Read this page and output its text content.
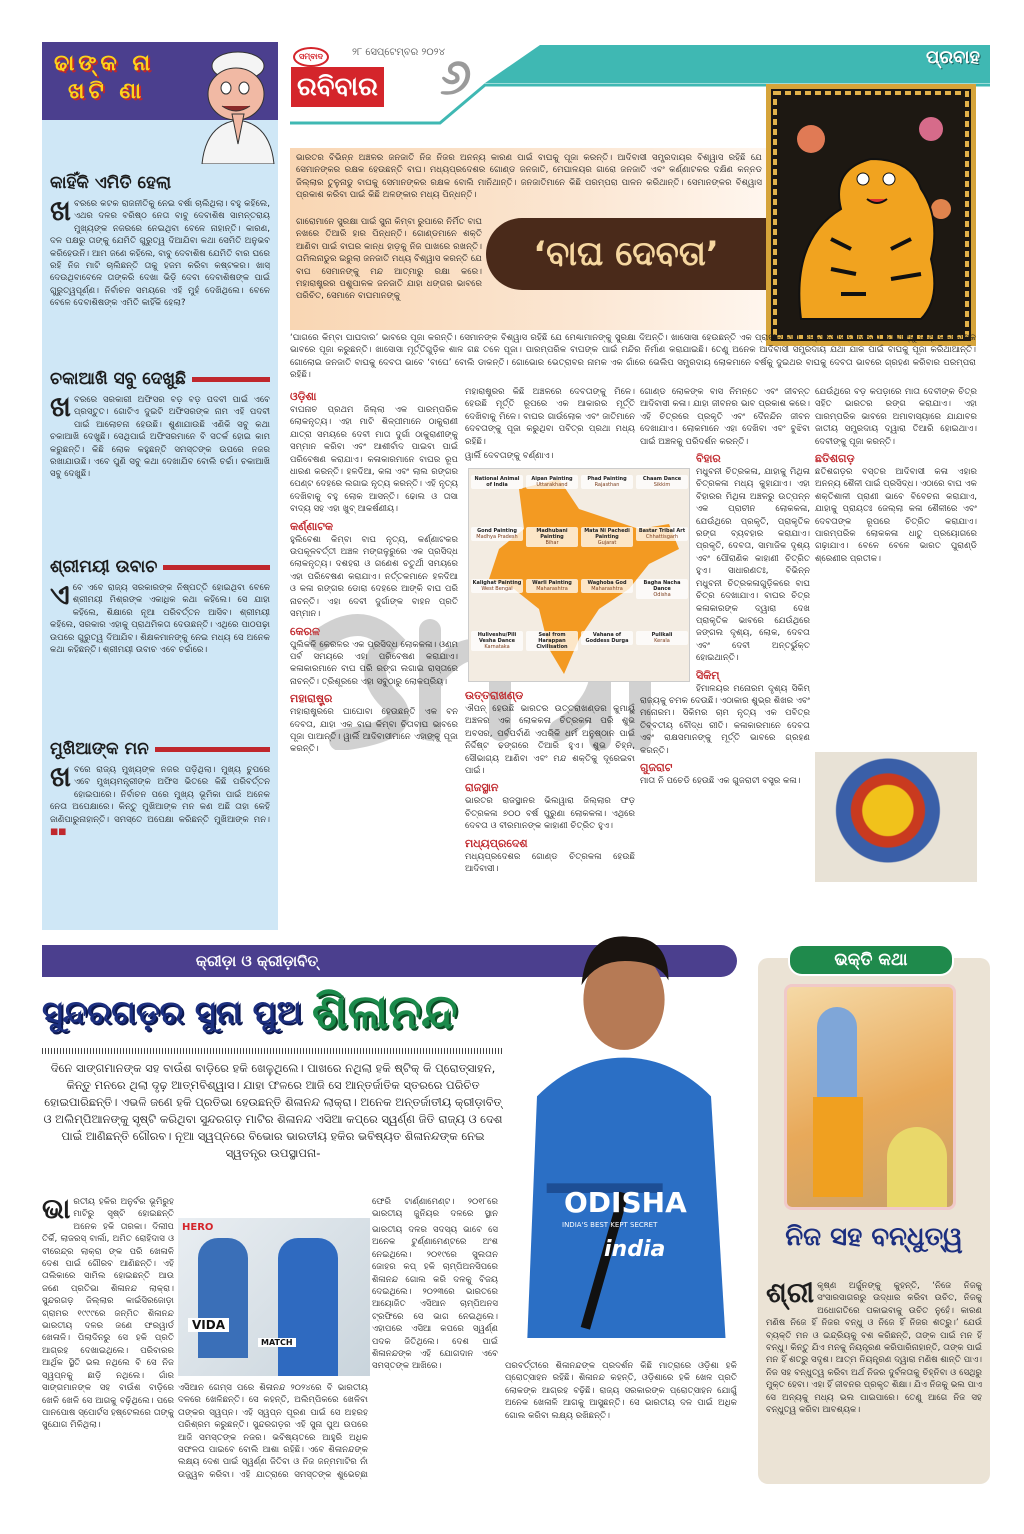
ଢାଙ୍କ ନା
ଖଟି ଣା
କାହିଁକି ଏମିତି ହେଲା
ଖବରରେ କଟକ ରାଜନୀତିକୁ ନେଇ ବର୍ଷା ଚାଲିଥିଲା। ବହୁ କହିଲେ, ଏଥର ଦଳର ବରିଷ୍ଠ ନେତା ବାବୁ ଦେବାଶିଷ ସାମନ୍ତରାୟ ମୁଖ୍ୟଙ୍କ ନଜରରେ ନେଇଥିବା ବେଳେ ନାହାନ୍ତି। କାରଣ, ଦଳ ପକ୍ଷରୁ ତାଙ୍କୁ ଯେମିତି ଗୁରୁତ୍ୱ ଦିଆଯିବା କଥା ସେମିତି ଅନୁଭବ କରିହେଉନି। ଆମ ଜଣେ କହିଲେ, ବାବୁ ଦେବାଶିଷ ଯେମିତି ବାର ଘରେ ରହି ନିଜ ମାଟି ଚାଲିଛନ୍ତି ତାକୁ ହଜମ କରିବା କଷ୍ଟକର। ଖାସ୍ ଦେଉଥିବାବେଳେ ତାଙ୍କରି ଦେଖା ଭିଡ଼ି ଦେବା ଦେବାଶିଷଙ୍କ ପାଇଁ ଗୁରୁତ୍ୱପୂର୍ଣ୍ଣ। ନିର୍ବାଚନ ସମୟରେ ଏହି ମୁହଁ ଦେଖିଥିଲେ। ବେଳେ ବେଳେ ଦେବାଶିଷଙ୍କ ଏମିତି କାହିଁକି ହେଲା?
ଚକାଆଖି ସବୁ ଦେଖୁଛି
ଖବରରେ ସରକାରୀ ଅଫିସର ବଡ଼ ବଡ଼ ପଦବୀ ପାଇଁ ଏବେ ପ୍ରସ୍ତୁତ। ଗୋଟିଏ ଦୁଇଟି ଅଫିସରଙ୍କ ନାମ ଏହି ପଦବୀ ପାଇଁ ଆଲୋଚନା ହେଉଛି। ଶୁଣାଯାଉଛି ଏଣିକି ସବୁ କଥା ଚକାଆଖି ଦେଖୁଛି। ସେଥିପାଇଁ ଅଫିସରମାନେ ବି ସତର୍କ ହୋଇ କାମ କରୁଛନ୍ତି। କିଛି ଲୋକ କହୁଛନ୍ତି ସମସ୍ତଙ୍କ ଉପରେ ନଜର ରଖାଯାଉଛି। ଏବେ ପୁଣି ସବୁ କଥା ଦେଖାଯିବ ବୋଲି ଚର୍ଚ୍ଚା। ଚକାଆଖି ସବୁ ଦେଖୁଛି।
ଶ୍ରୀମୟୀ ଉବାଚ
ଏବେ ଏବେ ରାଜ୍ୟ ସରକାରଙ୍କ ନିଷ୍ପତ୍ତି ହୋଇଥିବା ବେଳେ ଶ୍ରୀମୟୀ ମିଶ୍ରଙ୍କ ଏକାଧିକ କଥା କହିଲେ। ସେ ଯାହା କହିଲେ, ଶିକ୍ଷାରେ ନୂଆ ପରିବର୍ତ୍ତନ ଆସିବ। ଶ୍ରୀମୟୀ କହିଲେ, ସରକାର ଏହାକୁ ପ୍ରାଥମିକତା ଦେଉଛନ୍ତି। ଏଥିରେ ପାଠପଢ଼ା ଉପରେ ଗୁରୁତ୍ୱ ଦିଆଯିବ। ଶିକ୍ଷକମାନଙ୍କୁ ନେଇ ମଧ୍ୟ ସେ ଅନେକ କଥା କହିଛନ୍ତି। ଶ୍ରୀମୟୀ ଉବାଚ ଏବେ ଚର୍ଚ୍ଚାରେ।
ମୁଖିଆଙ୍କ ମନ
ଖବରେ ରାଜ୍ୟ ମୁଖ୍ୟଙ୍କ ନଜର ପଡ଼ିଥିଲା। ମୁଖ୍ୟ ଚୁପରେ ଏବେ ମୁଖ୍ୟମନ୍ତ୍ରୀଙ୍କ ଅଫିସ ଭିତରେ କିଛି ପରିବର୍ତ୍ତନ ହୋଇପାରେ। ନିର୍ବାଚନ ପରେ ମୁଖ୍ୟ ଭୂମିକା ପାଇଁ ଅନେକ ନେତା ଅପେକ୍ଷାରେ। କିନ୍ତୁ ମୁଖିଆଙ୍କ ମନ କଣ ଅଛି ତାହା କେହି ଜାଣିପାରୁନାହାନ୍ତି। ସମସ୍ତେ ଅପେକ୍ଷା କରିଛନ୍ତି ମୁଖିଆଙ୍କ ମନ। ■■
ସମ୍ବାଦ
ରବିବାର
୨୮ ସେପ୍ଟେମ୍ବର ୨୦୨୪
୬	ପ୍ରବାହ
ଭାରତର ବିଭିନ୍ନ ଅଞ୍ଚଳର ଜନଜାତି ନିଜ ନିଜର ଅନନ୍ୟ କାରଣ ପାଇଁ ବାଘକୁ ପୂଜା କରନ୍ତି। ଆଦିବାସୀ ସମ୍ପ୍ରଦାୟର ବିଶ୍ୱାସ ରହିଛି ଯେ ସେମାନଙ୍କର ରକ୍ଷକ ହେଉଛନ୍ତି ବାଘ। ମଧ୍ୟପ୍ରଦେଶର ଗୋଣ୍ଡ ଜନଜାତି, ମେଘାଳୟର ଗାରୋ ଜନଜାତି ଏବଂ କର୍ଣ୍ଣାଟକର ଦକ୍ଷିଣ କନ୍ନଡ ଜିଲ୍ଲାର ତୁଳୁନାଡୁ ବାଘକୁ ସେମାନଙ୍କର ରକ୍ଷକ ବୋଲି ମାନିଥାନ୍ତି। ଜନଜାତିମାନେ କିଛି ପରମ୍ପରା ପାଳନ କରିଥାନ୍ତି। ସେମାନଙ୍କର ବିଶ୍ୱାସ ପ୍ରକାଶ କରିବା ପାଇଁ କିଛି ଅଳଙ୍କାର ମଧ୍ୟ ପିନ୍ଧନ୍ତି।
ଗାରୋମାନେ ସୁରକ୍ଷା ପାଇଁ ସୁନା କିମ୍ବା ରୁପାରେ ନିର୍ମିତ ବାଘ ନଖରେ ତିଆରି ହାର ପିନ୍ଧନ୍ତି। ଗୋଣ୍ଡମାନେ ଶକ୍ତି ଆଣିବା ପାଇଁ ବାଘର କାନ୍ଧ ହାଡ଼କୁ ନିଜ ପାଖରେ ରଖନ୍ତି। ତାମିଲନାଡୁର ଇରୁଲା ଜନଜାତି ମଧ୍ୟ ବିଶ୍ୱାସ କରନ୍ତି ଯେ ବାଘ ସେମାନଙ୍କୁ ମନ୍ଦ ଆତ୍ମାରୁ ରକ୍ଷା କରେ। ମହାରାଷ୍ଟ୍ରର ପଶୁପାଳକ ଜନଜାତି ଯାହା ଧଙ୍ଗର ଭାବରେ ପରିଚିତ, ସେମାନେ ବାଘମାନଙ୍କୁ
‘ବାଘ ଦେବତା’
‘ଘାଗରେ କିମ୍ବା ଘାଘଦାର’ ଭାବରେ ପୂଜା କରନ୍ତି। ସେମାନଙ୍କ ବିଶ୍ୱାସ ରହିଛି ଯେ ମେଣ୍ଢାମାନଙ୍କୁ ସୁରକ୍ଷା ଦିଅନ୍ତି। ଖାସୋସା ହେଉଛନ୍ତି ଏକ ପ୍ରାଚୀନ ବାଘ କିମ୍ବା ଚିତାବାଘ ଦେବତା, ଯାହାଙ୍କୁ ଜଙ୍ଗଲର ରକ୍ଷକ ଭାବରେ ପୂଜା କରୁଛନ୍ତି। ଖାସୋସା ମୂର୍ତ୍ତିଗୁଡ଼ିକ ଶାଳ ଗଛ ତଳେ ପୂଜା। ପାରମ୍ପରିକ ବାଘଙ୍କ ପାଇଁ ମନ୍ଦିର ନିର୍ମାଣ କରାଯାଇଛି। ତେଣୁ ଅନେକ ଆଦିବାସୀ ସମ୍ପ୍ରଦାୟ ଯଥା ଯାକ ପାଇଁ ବାଘକୁ ପୂଜା କରିଥାଆନ୍ତି। ଗୋଲୋଇ ଜନଜାତି ବାଘକୁ ଦେବତା ଭାବେ ‘ବାଘେ’ ବୋଲି ଡାକନ୍ତି। ଗୋଭୋର ଭେତ୍ରାବର ନାମକ ଏକ ଗାଁରେ ଭେଲିପ ସମ୍ପ୍ରଦାୟ ଲୋକମାନେ ବର୍ଷକୁ ଦୁଇଥର ବାଘକୁ ଦେବତା ଭାବରେ ଗ୍ରହଣ କରିବାର ପରମ୍ପରା ରହିଛି।
ଓଡ଼ିଶା

ବାଘନାଚ ପ୍ରଥମ ଜିଲ୍ଲା ଏକ ପାରମ୍ପରିକ ଲୋକନୃତ୍ୟ। ଏହା ମାଟି ଶିଳ୍ପୀମାନେ ଠାକୁରାଣୀ ଯାତ୍ରା ସମୟରେ ଦେବୀ ମାତା ଦୁର୍ଗା ଠାକୁରାଣୀଙ୍କୁ ସମ୍ମାନ କରିବା ଏବଂ ଆଶୀର୍ବାଦ ପାଇବା ପାଇଁ ପରିବେଷଣ କରାଯାଏ। କଳାକାରମାନେ ବାଘର ରୂପ ଧାରଣ କରନ୍ତି। ହଳଦିଆ, କଳା ଏବଂ ଲାଲ ରଙ୍ଗର ପେଣ୍ଟ ଦେହରେ ଲଗାଇ ନୃତ୍ୟ କରନ୍ତି। ଏହି ନୃତ୍ୟ ଦେଖିବାକୁ ବହୁ ଲୋକ ଆସନ୍ତି। ଢୋଲ ଓ ତାସା ବାଦ୍ୟ ସହ ଏହା ଖୁବ୍ ଆକର୍ଷଣୀୟ।

କର୍ଣ୍ଣାଟକ

ହୁଲିବେଶା କିମ୍ବା ବାଘ ନୃତ୍ୟ, କର୍ଣ୍ଣାଟକର ଉପକୂଳବର୍ତ୍ତୀ ଅଞ୍ଚଳ ମଙ୍ଗଳୁରୁରେ ଏକ ପ୍ରସିଦ୍ଧ ଲୋକନୃତ୍ୟ। ଦଶହରା ଓ ଗଣେଶ ଚତୁର୍ଥୀ ସମୟରେ ଏହା ପରିବେଷଣ କରାଯାଏ। ନର୍ତ୍ତକମାନେ ହଳଦିଆ ଓ କଳା ରଙ୍ଗର ଡୋରା ଦେହରେ ଆଙ୍କି ବାଘ ପରି ନାଚନ୍ତି। ଏହା ଦେବୀ ଦୁର୍ଗାଙ୍କ ବାହନ ପ୍ରତି ସମ୍ମାନ।

କେରଳ

ପୁଲିକଳି କେରଳର ଏକ ପ୍ରସିଦ୍ଧ ଲୋକକଳା। ଓଣମ ପର୍ବ ସମୟରେ ଏହା ପରିବେଷଣ କରାଯାଏ। କଳାକାରମାନେ ବାଘ ପରି ରଙ୍ଗ ଲଗାଇ ରାସ୍ତାରେ ନାଚନ୍ତି। ତ୍ରିଶୂରରେ ଏହା ସବୁଠାରୁ ଲୋକପ୍ରିୟ।

ମହାରାଷ୍ଟ୍ର

ମହାରାଷ୍ଟ୍ରରେ ଘାଘୋବା ହେଉଛନ୍ତି ଏକ ବନ ଦେବତା, ଯାହା ଏକ ବାଘ କିମ୍ବା ଚିତାବାଘ ଭାବରେ ପୂଜା ପାଆନ୍ତି। ୱାର୍ଲି ଆଦିବାସୀମାନେ ଏହାଙ୍କୁ ପୂଜା କରନ୍ତି।

ମହାରାଷ୍ଟ୍ରର କିଛି ଅଞ୍ଚଳରେ ଦେବତାଙ୍କୁ ମିଳେ। ହେଉଛି ମୂର୍ତ୍ତି ରୂପରେ ଏକ ଆକାରର ମୂର୍ତ୍ତି ଦେଖିବାକୁ ମିଳେ। ବାଘର ଗାଉଁଲୋକ ଏବଂ ଜାତିମାନେ ଦେବତାଙ୍କୁ ପୂଜା କରୁଥିବା ପବିତ୍ର ପ୍ରଥା ମଧ୍ୟ ରହିଛି।

ୱାର୍ଲି ଦେବତାଙ୍କୁ ବର୍ଣ୍ଣାଏ।

ଉତ୍ତରାଖଣ୍ଡ

ଐପନ୍ ହେଉଛି ଭାରତର ଉତ୍ତରାଖଣ୍ଡର କୁମାୟୁଁ ଅଞ୍ଚଳର ଏକ ଲୋକକଳା ଚିତ୍ରକଳା ପରି ଶୁଭ ଅବସର, ପର୍ବପର୍ବାଣି ଏପରିକି ଧର୍ମ ଅନୁଷ୍ଠାନ ପାଇଁ ନିର୍ଦ୍ଦିଷ୍ଟ ଢଙ୍ଗରେ ତିଆରି ହୁଏ। ଶୁଭ ଚିହ୍ନ, ସୌଭାଗ୍ୟ ଆଣିବା ଏବଂ ମନ୍ଦ ଶକ୍ତିକୁ ଦୂରେଇବା ପାଇଁ।

ରାଜସ୍ଥାନ

ଭାରତର ରାଜସ୍ଥାନର ଭିଲୱାରା ଜିଲ୍ଲାର ଫଡ଼ ଚିତ୍ରକଳା ୭୦୦ ବର୍ଷ ପୁରୁଣା ଲୋକକଳା। ଏଥିରେ ଦେବତା ଓ ବୀରମାନଙ୍କ କାହାଣୀ ଚିତ୍ରିତ ହୁଏ।

ମଧ୍ୟପ୍ରଦେଶ

ମଧ୍ୟପ୍ରଦେଶର ଗୋଣ୍ଡ ଚିତ୍ରକଳା ହେଉଛି ଆଦିବାସୀ।

ଗୋଣ୍ଡ ଲୋକଙ୍କ ବାସ ନିମନ୍ତେ ଏବଂ ଜୀବନ୍ତ ଆଦିବାସୀ କଳା। ଯାହା ଜୀବନର ଭାବ ପ୍ରକାଶ କରେ। ଏହି ଚିତ୍ରରେ ପ୍ରକୃତି ଏବଂ ଦୈନନ୍ଦିନ ଜୀବନ ଦେଖାଯାଏ। ଲୋକମାନେ ଏହା ଦେଖିବା ଏବଂ ବୁଝିବା ପାଇଁ ଅଞ୍ଚଳକୁ ପରିଦର୍ଶନ କରନ୍ତି।

ବିହାର

ମଧୁବନୀ ଚିତ୍ରକଳା, ଯାହାକୁ ମିଥିଳା ଚିତ୍ରକଳା ମଧ୍ୟ କୁହାଯାଏ। ଏହା ବିହାରର ମିଥିଳା ଅଞ୍ଚଳରୁ ଉତ୍ପନ୍ନ ଏକ ପ୍ରାଚୀନ ଲୋକକଳା, ଯେଉଁଥିରେ ପ୍ରକୃତି, ପ୍ରାକୃତିକ ରଙ୍ଗ ବ୍ୟବହାର କରାଯାଏ। ପ୍ରକୃତି, ଦେବତା, ସାମାଜିକ ଦୃଶ୍ୟ ଏବଂ ପୌରାଣିକ କାହାଣୀ ଚିତ୍ରିତ ହୁଏ। ସାଧାରଣତଃ, ବିଭିନ୍ନ ମଧୁବନୀ ଚିତ୍ରକଳାଗୁଡ଼ିକରେ ବାଘ ଚିତ୍ର ଦେଖାଯାଏ। ବାଘର ଚିତ୍ର କଳାକାରଙ୍କ ଦ୍ୱାରା ଦେଖ ପ୍ରାକୃତିକ ଭାବରେ ଯେଉଁଥିରେ ଜଙ୍ଗଲ ଦୃଶ୍ୟ, ଲୋକ, ଦେବତା ଏବଂ ଦେବୀ ଅନ୍ତର୍ଭୁକ୍ତ ହୋଇଥାନ୍ତି।

ସିକିମ୍

ହିମାଳୟର ମନୋରମ ଦୃଶ୍ୟ ସିକିମ୍ ରାଜ୍ୟକୁ ଚମକ ଦେଉଛି। ଏଠାକାର ଶୁଭ୍ର ଶିଖର ଏବଂ ମନୋରମ। ସିକିମର ଚାମ ନୃତ୍ୟ ଏକ ପବିତ୍ର ତିବ୍ବତୀୟ ବୌଦ୍ଧ ରୀତି। କଳାକାରମାନେ ଦେବତା ଏବଂ ରାକ୍ଷସମାନଙ୍କୁ ମୂର୍ତ୍ତି ଭାବରେ ଗ୍ରହଣ କରନ୍ତି।

ଗୁଜରାଟ

ମାତା ନି ପଚେଡି ହେଉଛି ଏକ ଗୁଜରାଟୀ ବସ୍ତ୍ର କଳା।

ଯେଉଁଥିରେ ବଡ଼ କପଡ଼ାରେ ମାତା ଦେବୀଙ୍କ ଚିତ୍ର ସହିତ ଭାରତର ରଙ୍ଗ କରାଯାଏ। ଏହା ପାରମ୍ପରିକ ଭାବରେ ଅମାବାସ୍ୟାରେ ଯାଯାବର ଜାତୀୟ ସମ୍ପ୍ରଦାୟ ଦ୍ୱାରା ତିଆରି ହୋଇଥାଏ। ଦେବୀଙ୍କୁ ପୂଜା କରନ୍ତି।

ଛତିଶଗଡ଼

ଛତିଶଗଡ଼ର ବସ୍ତର ଆଦିବାସୀ କଳା ଏହାର ଅନନ୍ୟ ଶୈଳୀ ପାଇଁ ପ୍ରସିଦ୍ଧ। ଏଠାରେ ବାଘ ଏକ ଶକ୍ତିଶାଳୀ ପ୍ରାଣୀ ଭାବେ ବିବେଚନା କରାଯାଏ, ଯାହାକୁ ପ୍ରାୟତଃ ଜେଲ୍ଲା କଳା ଶୈଳୀରେ ଏବଂ ଦେବତାଙ୍କ ରୂପରେ ଚିତ୍ରିତ କରାଯାଏ। ପାରମ୍ପରିକ ଲୋକକଳା ଧାତୁ ପ୍ରୟୋଗରେ ଗଢ଼ାଯାଏ। ବେଳେ ବେଳେ ଭାରତ ପୁରାଣ୍ଡି ଶ୍ରେଣୀର ପ୍ରତୀକ।

National Animal of India
Aipan Painting
Uttarakhand
Phad Painting
Rajasthan
Chaam Dance
Sikkim
Gond Painting
Madhya Pradesh
Madhubani Painting
Bihar
Mata Ni Pachedi Painting
Gujarat
Bastar Tribal Art
Chhattisgarh
Kalighat Painting
West Bengal
Warli Painting
Maharashtra
Waghoba God
Maharashtra
Bagha Nacha Dance
Odisha
Huliveshu/Pili Vesha Dance
Karnataka
Seal from Harappan Civilisation
Vahana of Goddess Durga
Pulikali
Kerala
କ୍ରୀଡ଼ା ଓ କ୍ରୀଡ଼ାବିତ୍
ODISHA
INDIA'S BEST KEPT SECRET
india
ସୁନ୍ଦରଗଡ଼ର ସୁନା ପୁଅ ଶିଳାନନ୍ଦ
ଦିନେ ସାଙ୍ଗମାନଙ୍କ ସହ ବାଉଁଶ ବାଡ଼ିରେ ହକି ଖେଳୁଥିଲେ। ପାଖରେ ନଥିଲା ହକି ଷ୍ଟିକ୍ କି ପ୍ରୋତ୍ସାହନ, କିନ୍ତୁ ମନରେ ଥିଲା ଦୃଢ଼ ଆତ୍ମବିଶ୍ୱାସ। ଯାହା ଫଳରେ ଆଜି ସେ ଆନ୍ତର୍ଜାତିକ ସ୍ତରରେ ପରିଚିତ ହୋଇପାରିଛନ୍ତି। ଏଭଳି ଜଣେ ହକି ପ୍ରତିଭା ହେଉଛନ୍ତି ଶିଳାନନ୍ଦ ଲାକ୍ରା। ଅନେକ ଅନ୍ତର୍ଜାତୀୟ କ୍ରୀଡ଼ାବିତ୍ ଓ ଅଲିମ୍ପିଆନଙ୍କୁ ସୃଷ୍ଟି କରିଥିବା ସୁନ୍ଦରଗଡ଼ ମାଟିର ଶିଳାନନ୍ଦ ଏସିଆ କପ୍‌ରେ ସ୍ୱର୍ଣ୍ଣ ଜିତି ରାଜ୍ୟ ଓ ଦେଶ ପାଇଁ ଆଣିଛନ୍ତି ଗୌରବ। ନୂଆ ସ୍ୱପ୍ନରେ ବିଭୋର ଭାରତୀୟ ହକିର ଭବିଷ୍ୟତ ଶିଳାନନ୍ଦଙ୍କ ନେଇ ସ୍ୱତନ୍ତ୍ର ଉପସ୍ଥାପନା-
ଭାରତୀୟ ହକିର ଅନୁର୍ବର ଭୂମିରୁହ ମାଟିରୁ ସୃଷ୍ଟି ହୋଇଛନ୍ତି ଅନେକ ହକି ତାରକା। ଦିଲୀପ ତିର୍କି, ଲାଜରସ୍ ବାର୍ଲା, ଅମିତ ରୋହିଦାସ ଓ ବୀରେନ୍ଦ୍ର ଲାକ୍ରା ଙ୍କ ପରି ଖେଳାଳି ଦେଶ ପାଇଁ ଗୌରବ ଆଣିଛନ୍ତି। ଏହି ତାଲିକାରେ ସାମିଲ ହୋଇଛନ୍ତି ଆଉ ଜଣେ ପ୍ରତିଭା ଶିଳାନନ୍ଦ ଲାକ୍ରା। ସୁନ୍ଦରଗଡ଼ ଜିଲ୍ଲାର କାଇଁସିରଜୋଡ଼ା ଗ୍ରାମର ୧୯୯୯ରେ ଜନ୍ମିତ ଶିଳାନନ୍ଦ ଭାରତୀୟ ଦଳର ଜଣେ ଫରୱାର୍ଡ ଖେଳାଳି। ପିଲାଦିନରୁ ସେ ହକି ପ୍ରତି ଆଗ୍ରହ ଦେଖାଇଥିଲେ। ପରିବାରର ଆର୍ଥିକ ସ୍ଥିତି ଭଲ ନଥିଲେ ବି ସେ ନିଜ ସ୍ୱପ୍ନକୁ ଛାଡ଼ି ନଥିଲେ। ଗାଁର ସାଙ୍ଗମାନଙ୍କ ସହ ବାଉଁଶ ବାଡ଼ିରେ ଖେଳି ଖେଳି ସେ ଆଗକୁ ବଢ଼ିଥିଲେ। ପରେ ପାନପୋଷ ସ୍ପୋର୍ଟସ ହଷ୍ଟେଲରେ ତାଙ୍କୁ ସୁଯୋଗ ମିଳିଥିଲା।
HERO
VIDA
MATCH
ଫେରି ଟାର୍ଣ୍ଣାମେଣ୍ଟ। ୨୦୧୮ରେ ଭାରତୀୟ ଜୁନିୟର ଦଳରେ ସ୍ଥାନ
ଭାରତୀୟ ଦଳର ସଦସ୍ୟ ଭାବେ ସେ ଅନେକ ଟୁର୍ଣ୍ଣାମେଣ୍ଟରେ ଅଂଶ ନେଇଥିଲେ। ୨୦୧୯ରେ ସୁଲତାନ ଜୋହର କପ୍ ହକି ଚାମ୍ପିଅନସିପରେ ଶିଳାନନ୍ଦ ଗୋଲ କରି ଦଳକୁ ବିଜୟ ଦେଇଥିଲେ। ୨୦୨୩ରେ ଭାରତରେ ଆୟୋଜିତ ଏସିଆନ ଚାମ୍ପିଅନସ ଟ୍ରଫିରେ ସେ ଭାଗ ନେଇଥିଲେ। ଏହାପରେ ଏସିଆ କପରେ ସ୍ୱର୍ଣ୍ଣ ପଦକ ଜିତିଥିଲେ। ଦେଶ ପାଇଁ ଶିଳାନନ୍ଦଙ୍କ ଏହି ଯୋଗଦାନ ଏବେ ସମସ୍ତଙ୍କ ଆଖିରେ।	ପରବର୍ତ୍ତୀରେ ଶିଳାନନ୍ଦଙ୍କ ପ୍ରଦର୍ଶନ କିଛି ମାତ୍ରାରେ ଓଡ଼ିଶା ହକି ପ୍ରୋତ୍ସାହନ ରହିଛି। ଶିଳାନନ୍ଦ କହନ୍ତି, ଓଡ଼ିଶାରେ ହକି ଖେଳ ପ୍ରତି ଲୋକଙ୍କ ଆଗ୍ରହ ବଢ଼ିଛି। ରାଜ୍ୟ ସରକାରଙ୍କ ପ୍ରୋତ୍ସାହନ ଯୋଗୁଁ ଅନେକ ଖେଳାଳି ଆଗକୁ ଆସୁଛନ୍ତି। ସେ ଭାରତୀୟ ଦଳ ପାଇଁ ଅଧିକ ଗୋଲ କରିବା ଲକ୍ଷ୍ୟ ରଖିଛନ୍ତି।
ଏସିଆନ ଗେମ୍ସ ପରେ ଶିଳାନନ୍ଦ ୨୦୨୪ରେ ବି ଭାରତୀୟ ଦଳରେ ଖେଳିଛନ୍ତି। ସେ କହନ୍ତି, ଅଲିମ୍ପିକରେ ଖେଳିବା ତାଙ୍କର ସ୍ୱପ୍ନ। ଏହି ସ୍ୱପ୍ନ ପୂରଣ ପାଇଁ ସେ ଅହରହ ପରିଶ୍ରମ କରୁଛନ୍ତି। ସୁନ୍ଦରଗଡ଼ର ଏହି ସୁନା ପୁଅ ଉପରେ ଆଜି ସମସ୍ତଙ୍କ ନଜର। ଭବିଷ୍ୟତରେ ଆହୁରି ଅଧିକ ସଫଳତା ପାଇବେ ବୋଲି ଆଶା ରହିଛି। ଏବେ ଶିଳାନନ୍ଦଙ୍କ ଲକ୍ଷ୍ୟ ଦେଶ ପାଇଁ ସ୍ୱର୍ଣ୍ଣ ଜିତିବା ଓ ନିଜ ଜନ୍ମମାଟିର ନାଁ ଉଜ୍ଜ୍ୱଳ କରିବା। ଏହି ଯାତ୍ରାରେ ସମସ୍ତଙ୍କ ଶୁଭେଚ୍ଛା
ଭକ୍ତି କଥା
ନିଜ ସହ ବନ୍ଧୁତ୍ୱ
ଶ୍ରୀ କୃଷ୍ଣ ଅର୍ଜୁନଙ୍କୁ କୁହନ୍ତି, ‘ନିଜେ ନିଜକୁ ସଂସାରସାଗରରୁ ଉଦ୍ଧାର କରିବା ଉଚିତ, ନିଜକୁ ଅଧୋଗତିରେ ପକାଇବାକୁ ଉଚିତ ନୁହେଁ। କାରଣ ମଣିଷ ନିଜେ ହିଁ ନିଜର ବନ୍ଧୁ ଓ ନିଜେ ହିଁ ନିଜର ଶତ୍ରୁ।’ ଯେଉଁ ବ୍ୟକ୍ତି ମନ ଓ ଇନ୍ଦ୍ରିୟକୁ ବଶ କରିଛନ୍ତି, ତାଙ୍କ ପାଇଁ ମନ ହିଁ ବନ୍ଧୁ। କିନ୍ତୁ ଯିଏ ମନକୁ ନିୟନ୍ତ୍ରଣ କରିପାରିନାହାନ୍ତି, ତାଙ୍କ ପାଇଁ ମନ ହିଁ ଶତ୍ରୁ ସଦୃଶ। ଆତ୍ମ ନିୟନ୍ତ୍ରଣ ଦ୍ୱାରା ମଣିଷ ଶାନ୍ତି ପାଏ। ନିଜ ସହ ବନ୍ଧୁତ୍ୱ କରିବା ଅର୍ଥ ନିଜର ଦୁର୍ବଳତାକୁ ଚିହ୍ନିବା ଓ ସେଥିରୁ ମୁକ୍ତ ହେବା। ଏହା ହିଁ ଜୀବନର ପ୍ରକୃତ ଶିକ୍ଷା। ଯିଏ ନିଜକୁ ଭଲ ପାଏ ସେ ଅନ୍ୟକୁ ମଧ୍ୟ ଭଲ ପାଇପାରେ। ତେଣୁ ଆଗେ ନିଜ ସହ ବନ୍ଧୁତ୍ୱ କରିବା ଆବଶ୍ୟକ।
